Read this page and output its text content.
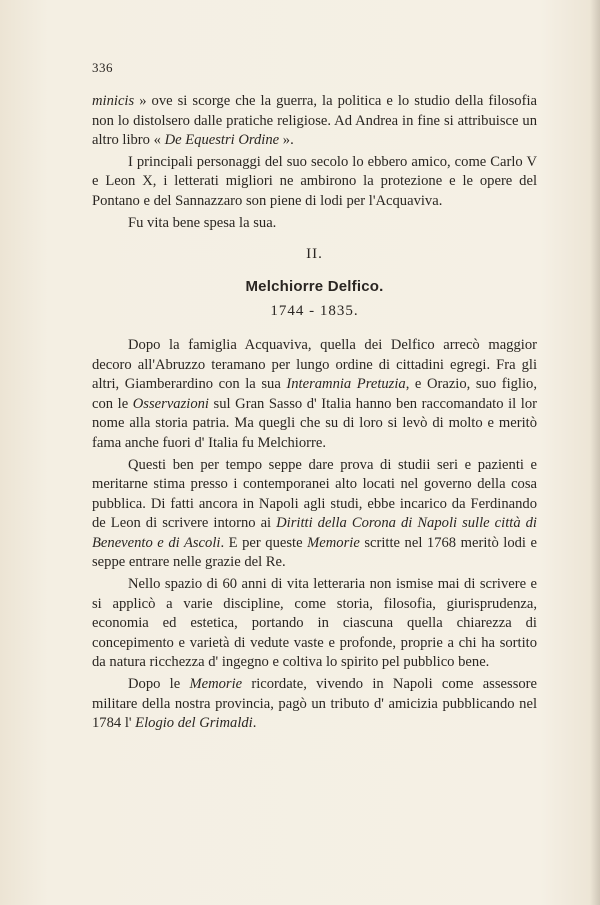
336

minicis » ove si scorge che la guerra, la politica e lo studio della filosofia non lo distolsero dalle pratiche religiose. Ad Andrea in fine si attribuisce un altro libro « De Equestri Ordine ».

I principali personaggi del suo secolo lo ebbero amico, come Carlo V e Leon X, i letterati migliori ne ambirono la protezione e le opere del Pontano e del Sannazzaro son piene di lodi per l'Acquaviva.

Fu vita bene spesa la sua.

II.

Melchiorre Delfico.

1744 - 1835.

Dopo la famiglia Acquaviva, quella dei Delfico arrecò maggior decoro all'Abruzzo teramano per lungo ordine di cittadini egregi. Fra gli altri, Giamberardino con la sua Interamnia Pretuzia, e Orazio, suo figlio, con le Osservazioni sul Gran Sasso d' Italia hanno ben raccomandato il lor nome alla storia patria. Ma quegli che su di loro si levò di molto e meritò fama anche fuori d' Italia fu Melchiorre.

Questi ben per tempo seppe dare prova di studii seri e pazienti e meritarne stima presso i contemporanei alto locati nel governo della cosa pubblica. Di fatti ancora in Napoli agli studi, ebbe incarico da Ferdinando de Leon di scrivere intorno ai Diritti della Corona di Napoli sulle città di Benevento e di Ascoli. E per queste Memorie scritte nel 1768 meritò lodi e seppe entrare nelle grazie del Re.

Nello spazio di 60 anni di vita letteraria non ismise mai di scrivere e si applicò a varie discipline, come storia, filosofia, giurisprudenza, economia ed estetica, portando in ciascuna quella chiarezza di concepimento e varietà di vedute vaste e profonde, proprie a chi ha sortito da natura ricchezza d' ingegno e coltiva lo spirito pel pubblico bene.

Dopo le Memorie ricordate, vivendo in Napoli come assessore militare della nostra provincia, pagò un tributo d' amicizia pubblicando nel 1784 l' Elogio del Grimaldi.
